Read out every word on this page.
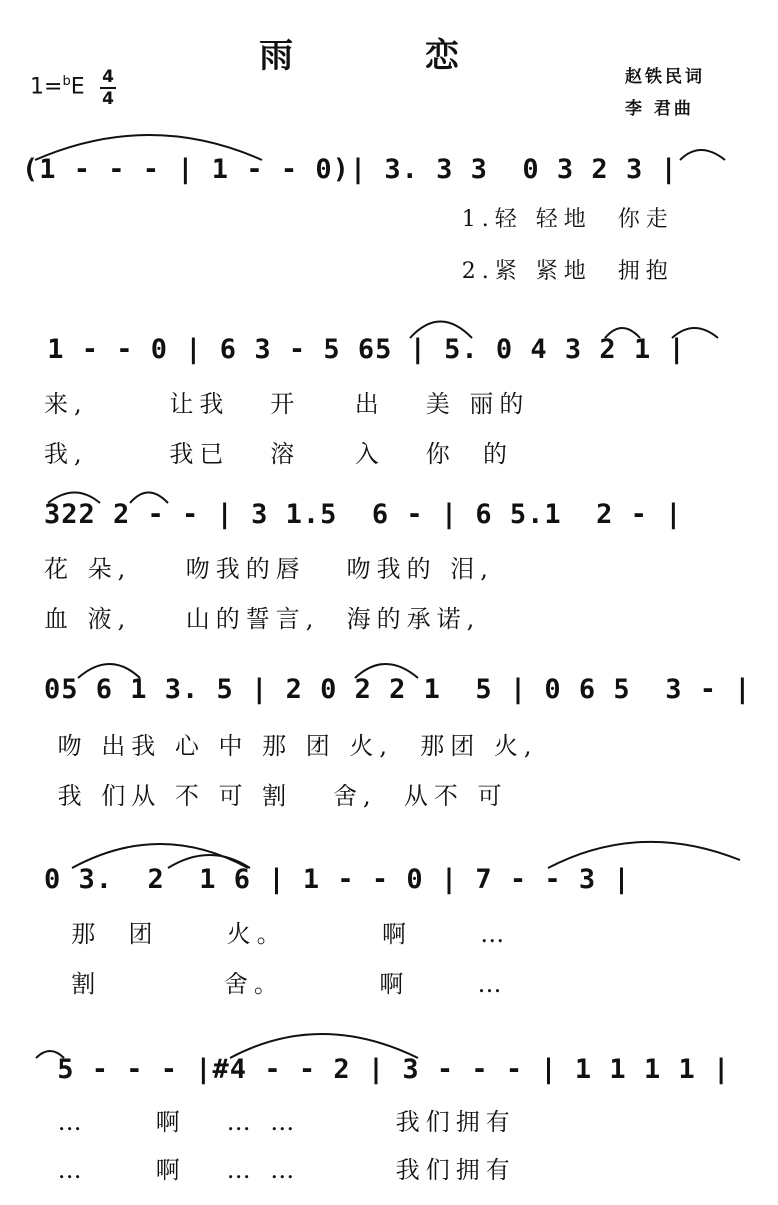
雨 恋
1=$^b$E 4
4
赵铁民词
李 君曲
(1 - - - | 1 - - 0)| 3. 3 3  0 3 2 3 |
1.轻 轻地  你走
2.紧 紧地  拥抱
1 - - 0 | 6 3 - 5 65 | 5. 0 4 3 2 1 |
来,      让我   开    出   美 丽的
我,      我已   溶    入   你  的
322 2 - - | 3 1.5  6 - | 6 5.1  2 - |
花 朵,    吻我的唇   吻我的 泪,
血 液,    山的誓言,  海的承诺,
05 6 1 3. 5 | 2 0 2 2 1  5 | 0 6 5  3 - |
吻 出我 心 中 那 团 火,  那团 火,
我 们从 不 可 割   舍,  从不 可
0 3.  2  1 6 | 1 - - 0 | 7 - - 3 |
那  团     火。       啊     …
割         舍。       啊     …
5 - - - |#4 - - 2 | 3 - - - | 1 1 1 1 |
…     啊   … …       我们拥有
…     啊   … …       我们拥有
